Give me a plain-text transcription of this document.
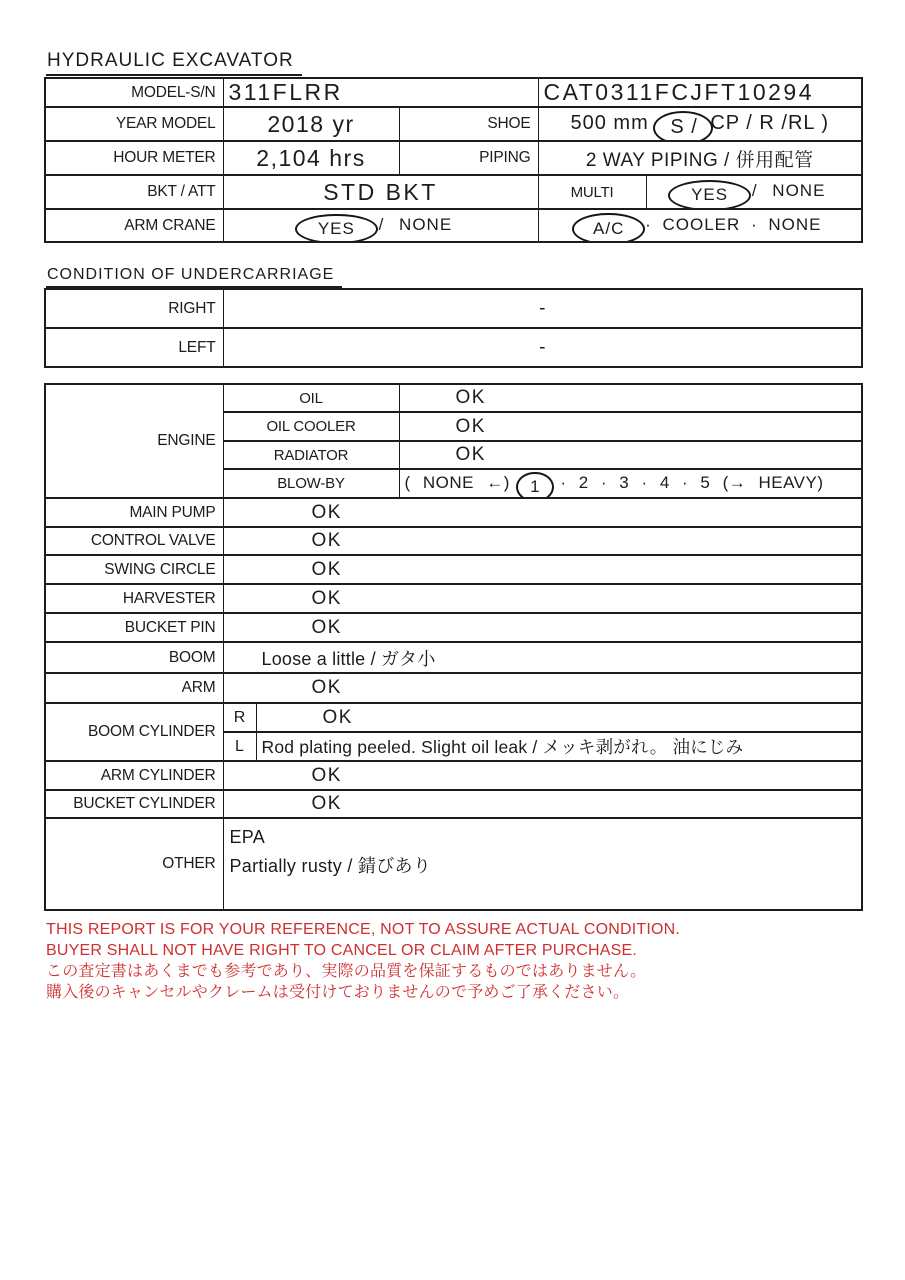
HYDRAULIC EXCAVATOR
MODEL-S/N	311FLRR		CAT0311FCJFT10294	
YEAR MODEL	2018 yr	SHOE	500 mm S / CP / R /RL )	
HOUR METER	2,104 hrs	PIPING	2 WAY PIPING / 併用配管	
BKT / ATT	STD BKT		MULTI	YES / NONE
ARM CRANE	YES / NONE		A/C · COOLER · NONE	
CONDITION OF UNDERCARRIAGE
RIGHT	-
LEFT	-
ENGINE	OIL		OK
	OIL COOLER		OK
	RADIATOR		OK
	BLOW-BY		( NONE ←) 1 · 2 · 3 · 4 · 5 (→ HEAVY)
MAIN PUMP	OK		
CONTROL VALVE	OK		
SWING CIRCLE	OK		
HARVESTER	OK		
BUCKET PIN	OK		
BOOM	Loose a little / ガタ小		
ARM	OK		
BOOM CYLINDER	R	OK	
	L	Rod plating peeled. Slight oil leak / メッキ剥がれ。 油にじみ	
ARM CYLINDER	OK		
BUCKET CYLINDER	OK		
OTHER	EPA
Partially rusty / 錆びあり		
THIS REPORT IS FOR YOUR REFERENCE, NOT TO ASSURE ACTUAL CONDITION.
BUYER SHALL NOT HAVE RIGHT TO CANCEL OR CLAIM AFTER PURCHASE.
この査定書はあくまでも参考であり、実際の品質を保証するものではありません。
購入後のキャンセルやクレームは受付けておりませんので予めご了承ください。
